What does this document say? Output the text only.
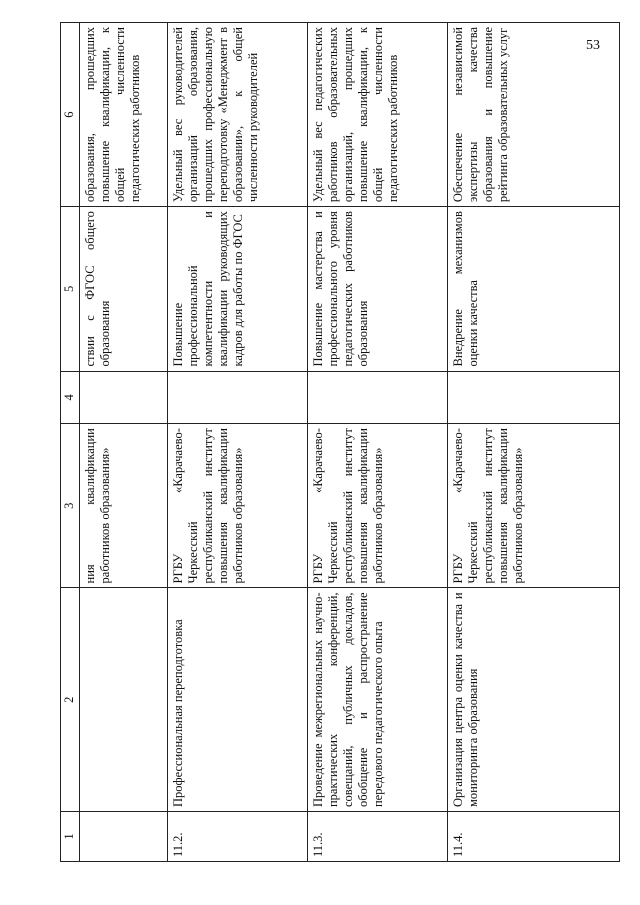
53
1	2	3	4	5	6
		ния квалификации работников образования»		ствии с ФГОС общего образования	образования, прошедших повышение квалификации, к общей численности педагогических работников
11.2.	Профессиональная переподготовка	РГБУ «Карачаево-Черкесский республиканский институт повышения квалификации работников образования»		Повышение профессиональной компетентности и квалификации руководящих кадров для работы по ФГОС	Удельный вес руководителей организаций образования, прошедших профессиональную переподготовку «Менеджмент в образовании», к общей численности руководителей
11.3.	Проведение межрегиональных научно-практических конференций, совещаний, публичных докладов, обобщение и распространение передового педагогического опыта	РГБУ «Карачаево-Черкесский республиканский институт повышения квалификации работников образования»		Повышение мастерства и профессионального уровня педагогических работников образования	Удельный вес педагогических работников образовательных организаций, прошедших повышение квалификации, к общей численности педагогических работников
11.4.	Организация центра оценки качества и мониторинга образования	РГБУ «Карачаево-Черкесский республиканский институт повышения квалификации работников образования»		Внедрение механизмов оценки качества	Обеспечение независимой экспертизы качества образования и повышение рейтинга образовательных услуг
